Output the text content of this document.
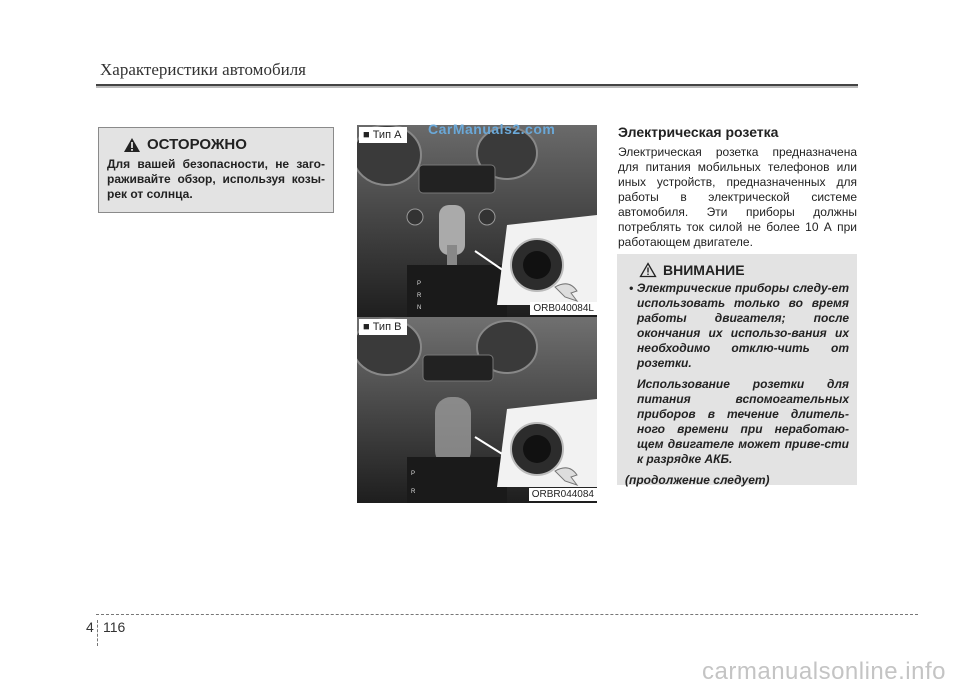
Характеристики автомобиля
ОСТОРОЖНО
Для вашей безопасности, не заго-раживайте обзор, используя козы-рек от солнца.
P
R
N
■ Тип А
ORB040084L
P
R
■ Тип В
ORBR044084
CarManuals2.com	Электрическая розетка
Электрическая розетка предназначена для питания мобильных телефонов или иных устройств, предназначенных для работы в электрической системе автомобиля. Эти приборы должны потреблять ток силой не более 10 А при работающем двигателе.
ВНИМАНИЕ
• Электрические приборы следу-ет использовать только во время работы двигателя; после окончания их использо-вания их необходимо отклю-чить от розетки.
Использование розетки для питания вспомогательных приборов в течение длитель-ного времени при неработаю-щем двигателе может приве-сти к разрядке АКБ.
(продолжение следует)
4 116
carmanualsonline.info
